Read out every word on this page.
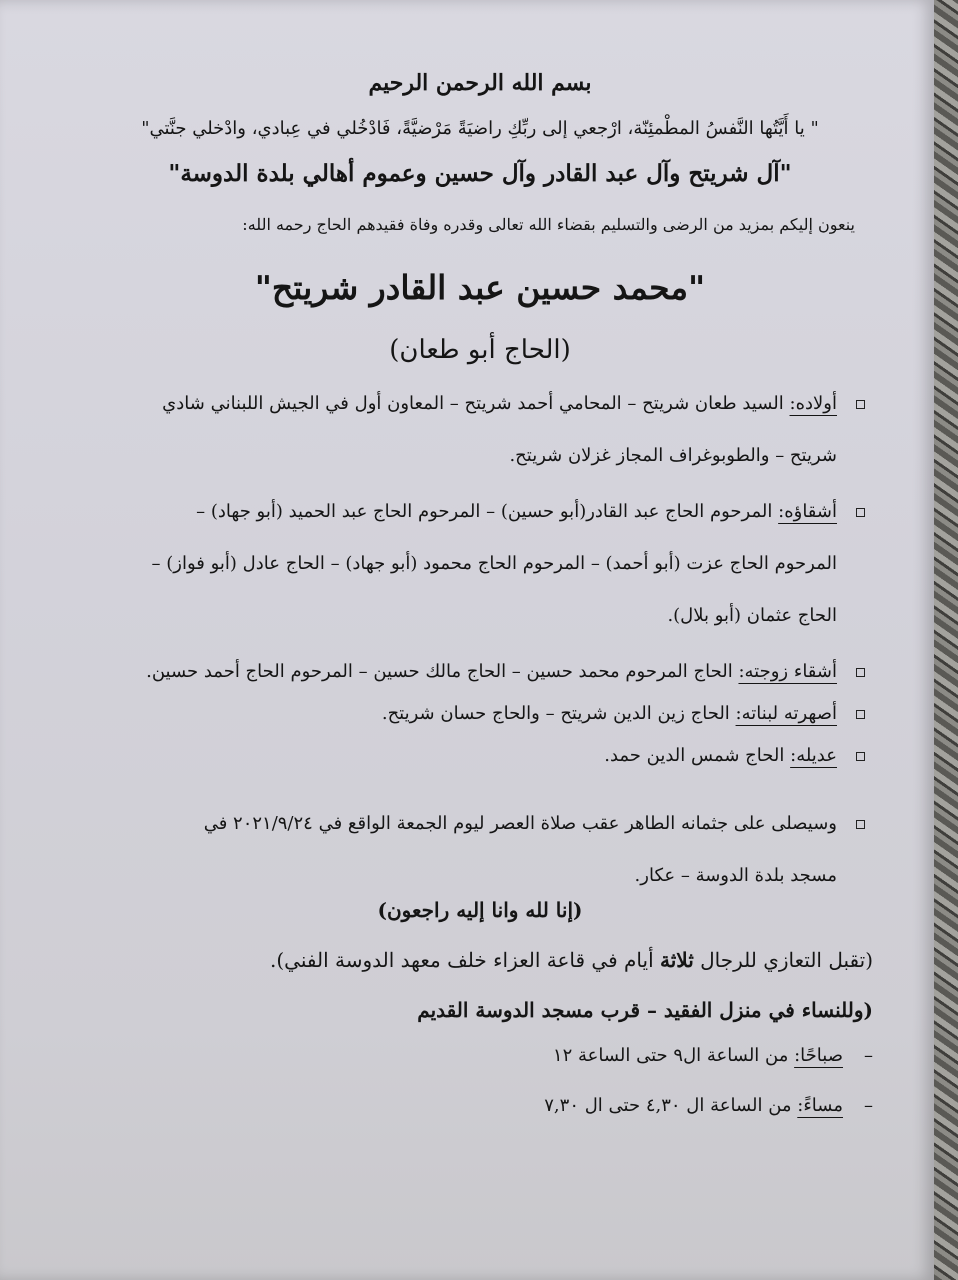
بسم الله الرحمن الرحيم
" يا أَيَّتُها النَّفسُ المطْمئِنّة، ارْجعي إلى ربِّكِ راضيَةً مَرْضيَّةً، فَادْخُلي في عِبادي، وادْخلي جنَّتي"
"آل شريتح وآل عبد القادر وآل حسين وعموم أهالي بلدة الدوسة"
ينعون إليكم بمزيد من الرضى والتسليم بقضاء الله تعالى وقدره وفاة فقيدهم الحاج رحمه الله:
"محمد حسين عبد القادر شريتح"
(الحاج أبو طعان)
أولاده: السيد طعان شريتح – المحامي أحمد شريتح – المعاون أول في الجيش اللبناني شادي
شريتح – والطوبوغراف المجاز غزلان شريتح.
أشقاؤه: المرحوم الحاج عبد القادر(أبو حسين) – المرحوم الحاج عبد الحميد (أبو جهاد) –
المرحوم الحاج عزت (أبو أحمد) – المرحوم الحاج محمود (أبو جهاد) – الحاج عادل (أبو فواز) –
الحاج عثمان (أبو بلال).
أشقاء زوجته: الحاج المرحوم محمد حسين – الحاج مالك حسين – المرحوم الحاج أحمد حسين.
أصهرته لبناته: الحاج زين الدين شريتح – والحاج حسان شريتح.
عديله: الحاج شمس الدين حمد.
وسيصلى على جثمانه الطاهر عقب صلاة العصر ليوم الجمعة الواقع في ٢٠٢١/٩/٢٤ في
مسجد بلدة الدوسة – عكار.
(إنا لله وانا إليه راجعون)
(تقبل التعازي للرجال ثلاثة أيام في قاعة العزاء خلف معهد الدوسة الفني).
(وللنساء في منزل الفقيد – قرب مسجد الدوسة القديم
–صباحًا: من الساعة ال٩ حتى الساعة ١٢
–مساءً: من الساعة ال ٤,٣٠ حتى ال ٧,٣٠
